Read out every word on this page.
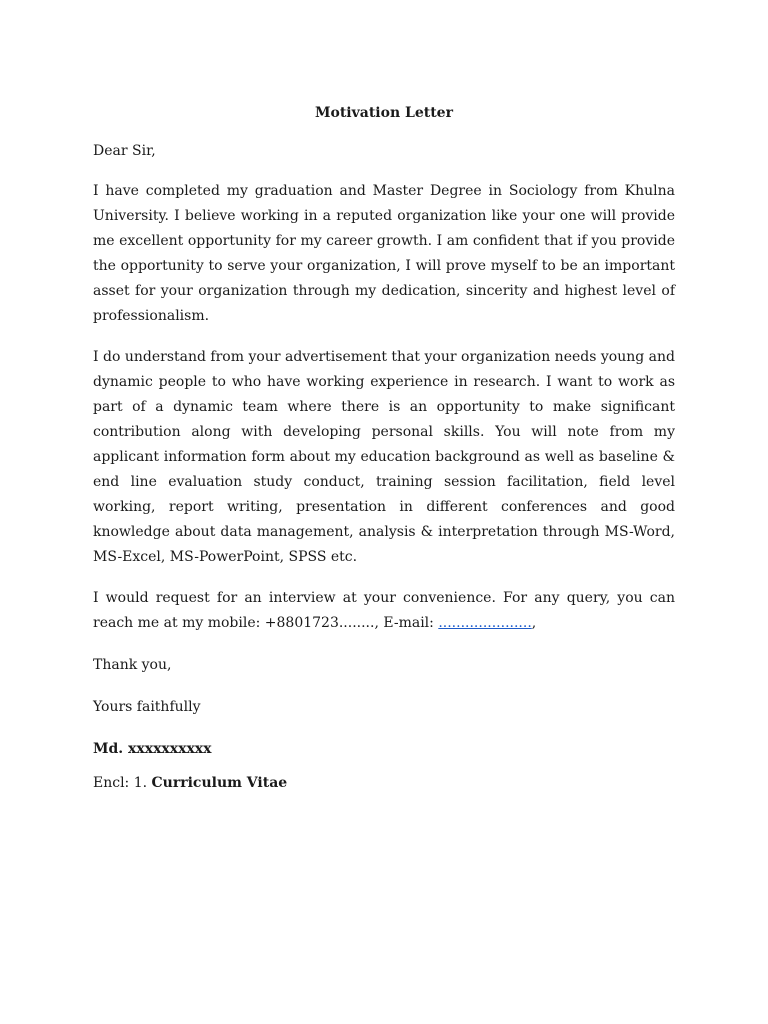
Motivation Letter

Dear Sir,

I have completed my graduation and Master Degree in Sociology from Khulna University. I believe working in a reputed organization like your one will provide me excellent opportunity for my career growth. I am confident that if you provide the opportunity to serve your organization, I will prove myself to be an important asset for your organization through my dedication, sincerity and highest level of professionalism.

I do understand from your advertisement that your organization needs young and dynamic people to who have working experience in research. I want to work as part of a dynamic team where there is an opportunity to make significant contribution along with developing personal skills. You will note from my applicant information form about my education background as well as baseline & end line evaluation study conduct, training session facilitation, field level working, report writing, presentation in different conferences and good knowledge about data management, analysis & interpretation through MS-Word, MS-Excel, MS-PowerPoint, SPSS etc.

I would request for an interview at your convenience. For any query, you can reach me at my mobile: +8801723........, E-mail: .....................,

Thank you,

Yours faithfully

Md. xxxxxxxxxx

Encl: 1. Curriculum Vitae
